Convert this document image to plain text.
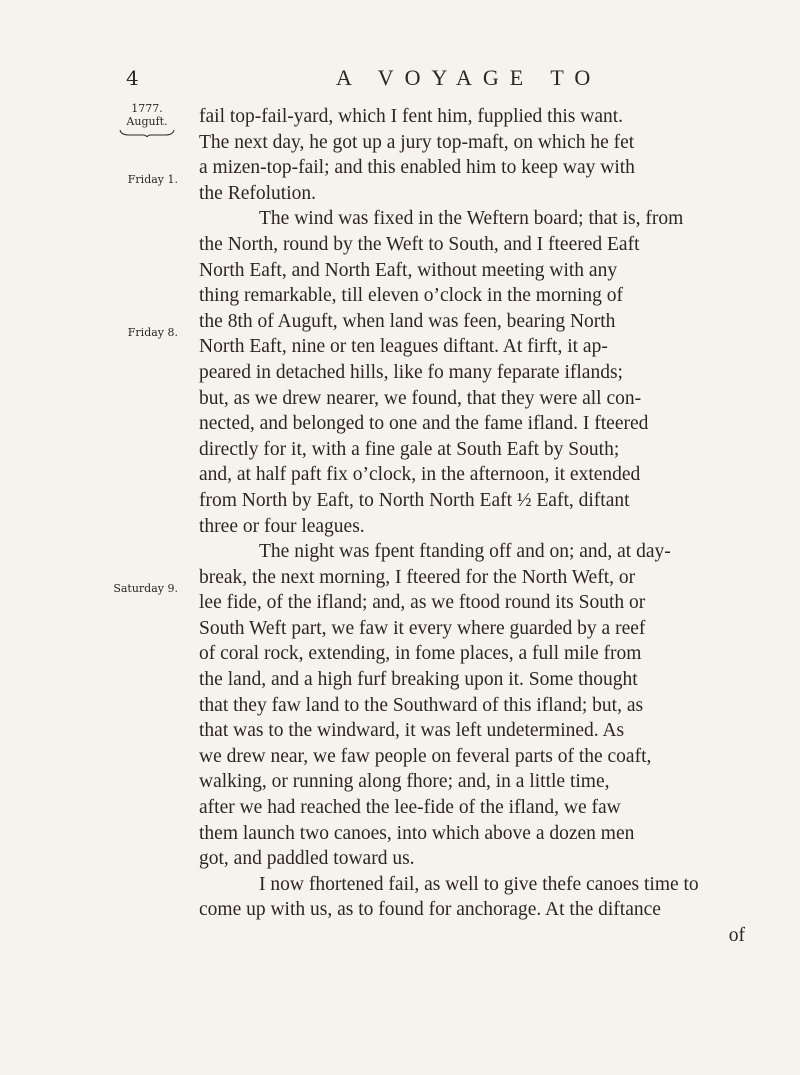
4	A VOYAGE TO
1777.
Auguft.
Friday 1.
Friday 8.
Saturday 9.
fail top-fail-yard, which I fent him, fupplied this want.
The next day, he got up a jury top-maft, on which he fet
a mizen-top-fail; and this enabled him to keep way with
the Refolution.
The wind was fixed in the Weftern board; that is, from
the North, round by the Weft to South, and I fteered Eaft
North Eaft, and North Eaft, without meeting with any
thing remarkable, till eleven o’clock in the morning of
the 8th of Auguft, when land was feen, bearing North
North Eaft, nine or ten leagues diftant. At firft, it ap-
peared in detached hills, like fo many feparate iflands;
but, as we drew nearer, we found, that they were all con-
nected, and belonged to one and the fame ifland. I fteered
directly for it, with a fine gale at South Eaft by South;
and, at half paft fix o’clock, in the afternoon, it extended
from North by Eaft, to North North Eaft ½ Eaft, diftant
three or four leagues.
The night was fpent ftanding off and on; and, at day-
break, the next morning, I fteered for the North Weft, or
lee fide, of the ifland; and, as we ftood round its South or
South Weft part, we faw it every where guarded by a reef
of coral rock, extending, in fome places, a full mile from
the land, and a high furf breaking upon it. Some thought
that they faw land to the Southward of this ifland; but, as
that was to the windward, it was left undetermined. As
we drew near, we faw people on feveral parts of the coaft,
walking, or running along fhore; and, in a little time,
after we had reached the lee-fide of the ifland, we faw
them launch two canoes, into which above a dozen men
got, and paddled toward us.
I now fhortened fail, as well to give thefe canoes time to
come up with us, as to found for anchorage. At the diftance
of
